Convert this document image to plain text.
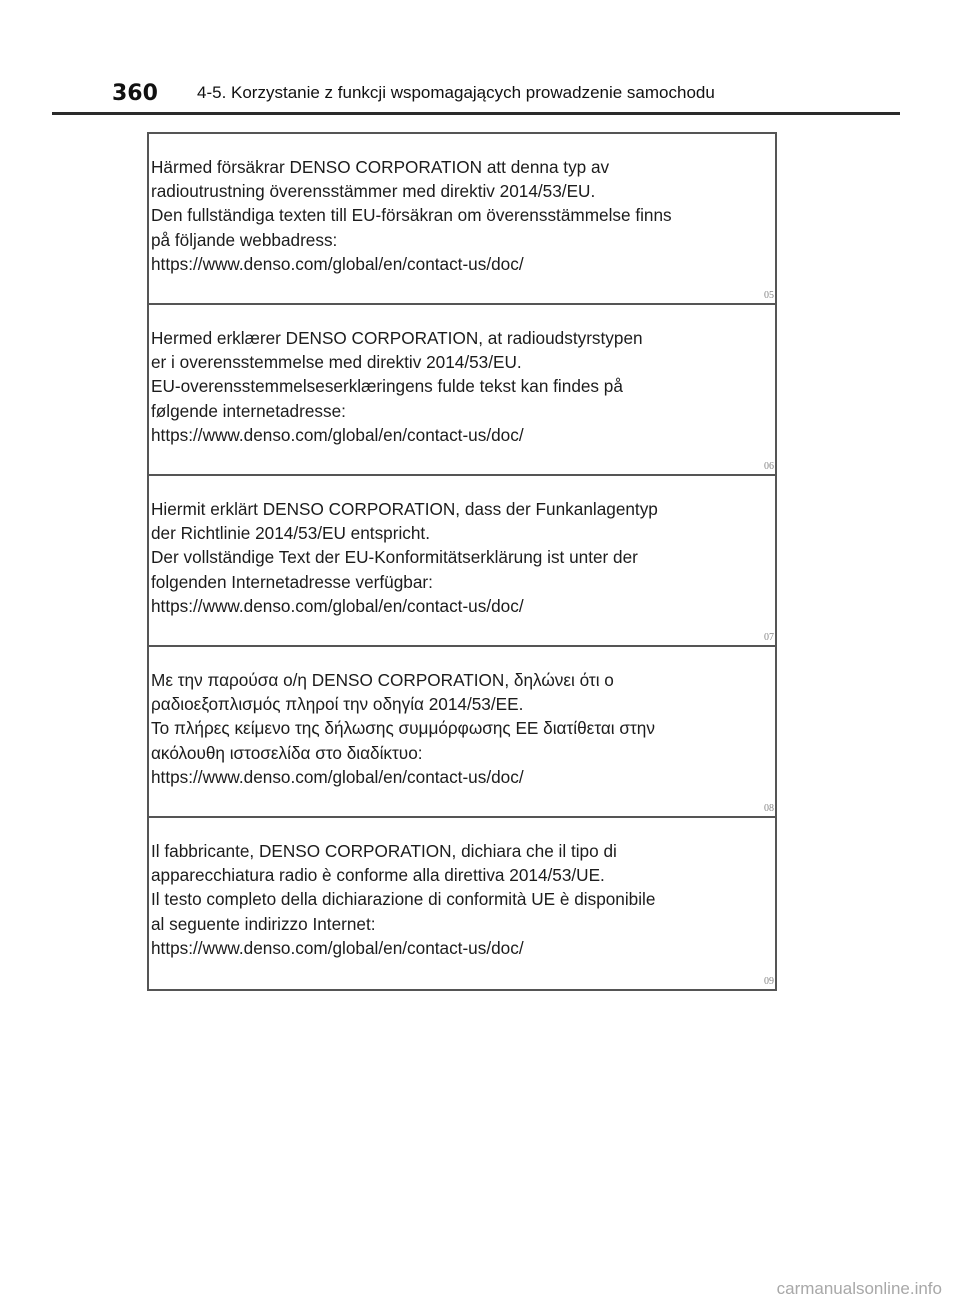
360	4-5. Korzystanie z funkcji wspomagających prowadzenie samochodu
Härmed försäkrar DENSO CORPORATION att denna typ av
radioutrustning överensstämmer med direktiv 2014/53/EU.
Den fullständiga texten till EU-försäkran om överensstämmelse finns
på följande webbadress:
https://www.denso.com/global/en/contact-us/doc/
05
Hermed erklærer DENSO CORPORATION, at radioudstyrstypen
er i overensstemmelse med direktiv 2014/53/EU.
EU-overensstemmelseserklæringens fulde tekst kan findes på
følgende internetadresse:
https://www.denso.com/global/en/contact-us/doc/
06
Hiermit erklärt DENSO CORPORATION, dass der Funkanlagentyp
der Richtlinie 2014/53/EU entspricht.
Der vollständige Text der EU-Konformitätserklärung ist unter der
folgenden Internetadresse verfügbar:
https://www.denso.com/global/en/contact-us/doc/
07
Με την παρούσα ο/η DENSO CORPORATION, δηλώνει ότι ο
ραδιοεξοπλισμός πληροί την οδηγία 2014/53/ΕΕ.
Το πλήρες κείμενο της δήλωσης συμμόρφωσης ΕΕ διατίθεται στην
ακόλουθη ιστοσελίδα στο διαδίκτυο:
https://www.denso.com/global/en/contact-us/doc/
08
Il fabbricante, DENSO CORPORATION, dichiara che il tipo di
apparecchiatura radio è conforme alla direttiva 2014/53/UE.
Il testo completo della dichiarazione di conformità UE è disponibile
al seguente indirizzo Internet:
https://www.denso.com/global/en/contact-us/doc/
09
carmanualsonline.info
